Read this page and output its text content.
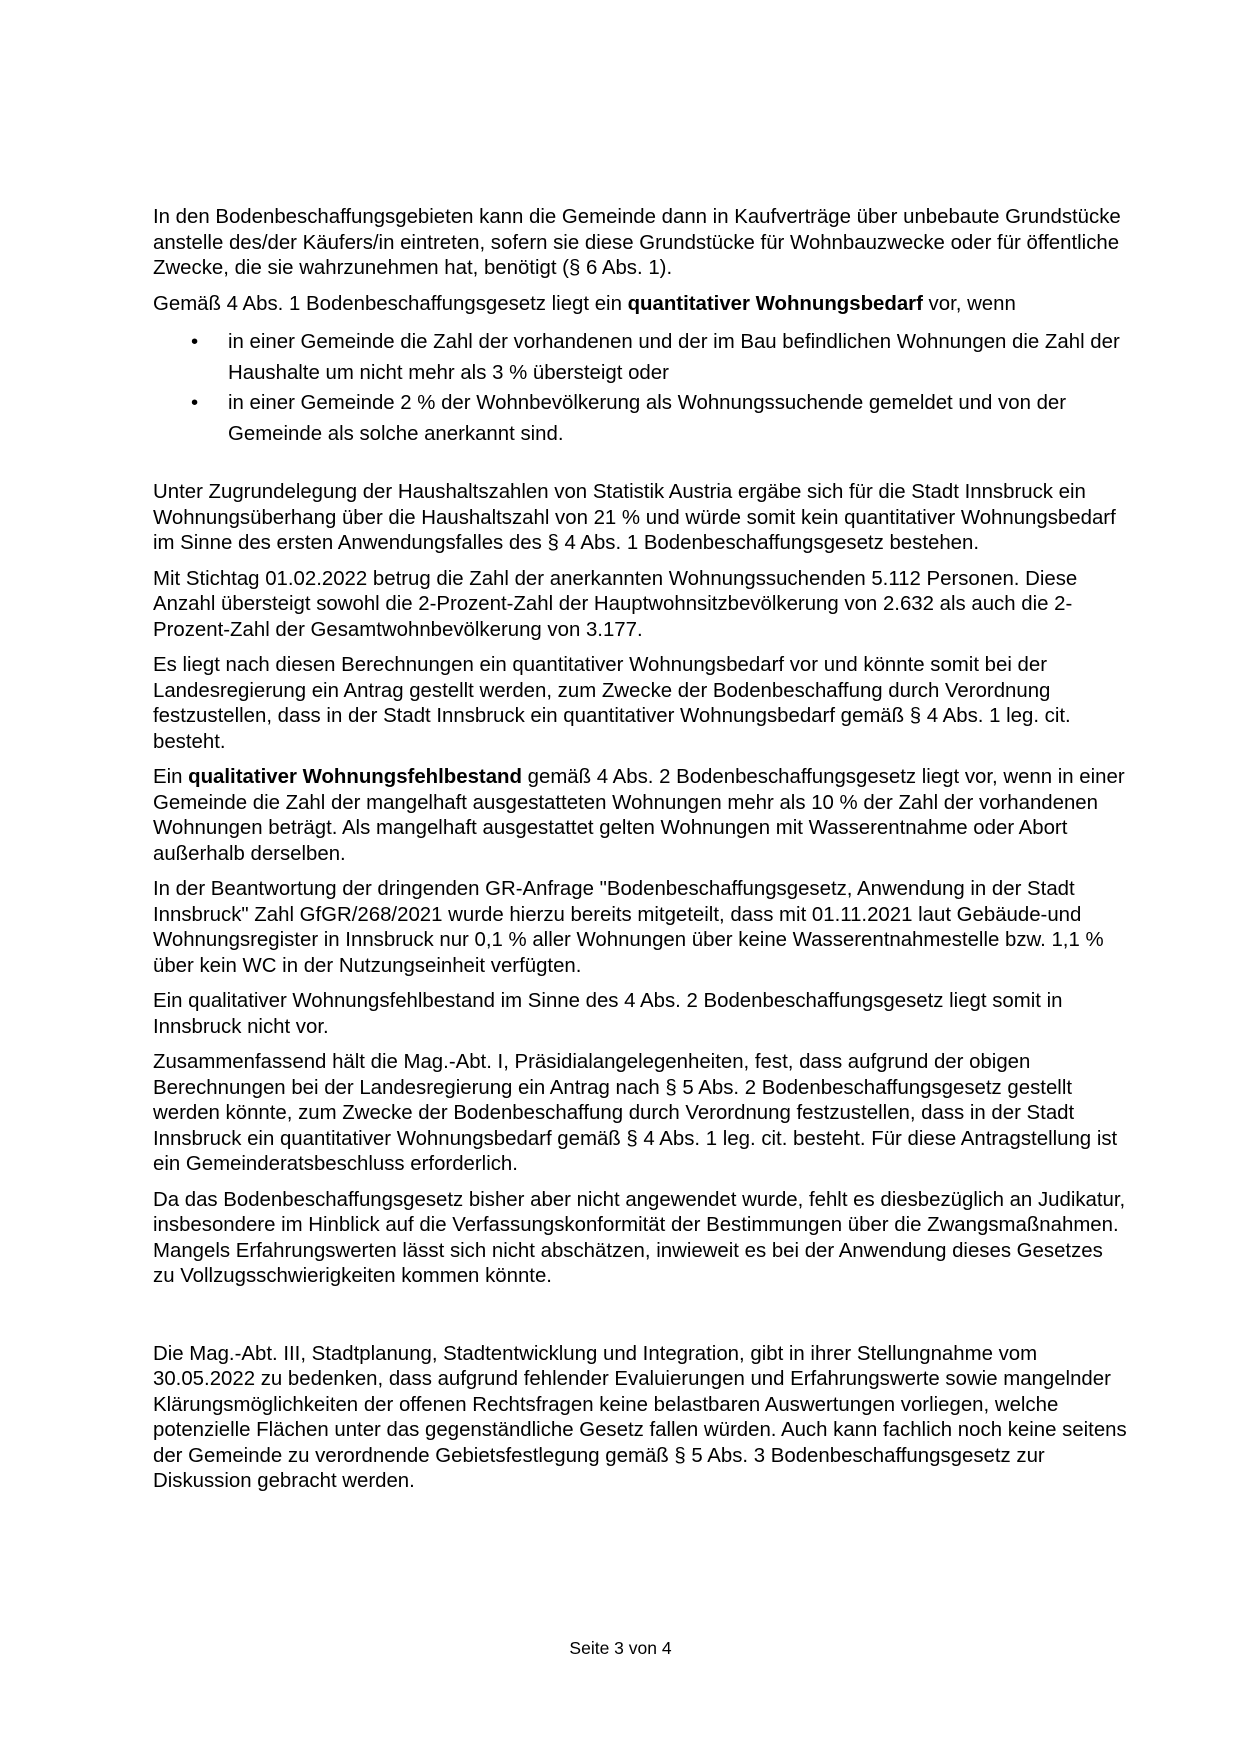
In den Bodenbeschaffungsgebieten kann die Gemeinde dann in Kaufverträge über unbebaute Grundstücke anstelle des/der Käufers/in eintreten, sofern sie diese Grundstücke für Wohnbauzwecke oder für öffentliche Zwecke, die sie wahrzunehmen hat, benötigt (§ 6 Abs. 1).

Gemäß 4 Abs. 1 Bodenbeschaffungsgesetz liegt ein quantitativer Wohnungsbedarf vor, wenn

• in einer Gemeinde die Zahl der vorhandenen und der im Bau befindlichen Wohnungen die Zahl der Haushalte um nicht mehr als 3 % übersteigt oder
• in einer Gemeinde 2 % der Wohnbevölkerung als Wohnungssuchende gemeldet und von der Gemeinde als solche anerkannt sind.

Unter Zugrundelegung der Haushaltszahlen von Statistik Austria ergäbe sich für die Stadt Innsbruck ein Wohnungsüberhang über die Haushaltszahl von 21 % und würde somit kein quantitativer Wohnungsbedarf im Sinne des ersten Anwendungsfalles des § 4 Abs. 1 Bodenbeschaffungsgesetz bestehen.

Mit Stichtag 01.02.2022 betrug die Zahl der anerkannten Wohnungssuchenden 5.112 Personen. Diese Anzahl übersteigt sowohl die 2-Prozent-Zahl der Hauptwohnsitzbevölkerung von 2.632 als auch die 2-Prozent-Zahl der Gesamtwohnbevölkerung von 3.177.

Es liegt nach diesen Berechnungen ein quantitativer Wohnungsbedarf vor und könnte somit bei der Landesregierung ein Antrag gestellt werden, zum Zwecke der Bodenbeschaffung durch Verordnung festzustellen, dass in der Stadt Innsbruck ein quantitativer Wohnungsbedarf gemäß § 4 Abs. 1 leg. cit. besteht.

Ein qualitativer Wohnungsfehlbestand gemäß 4 Abs. 2 Bodenbeschaffungsgesetz liegt vor, wenn in einer Gemeinde die Zahl der mangelhaft ausgestatteten Wohnungen mehr als 10 % der Zahl der vorhandenen Wohnungen beträgt. Als mangelhaft ausgestattet gelten Wohnungen mit Wasserentnahme oder Abort außerhalb derselben.

In der Beantwortung der dringenden GR-Anfrage "Bodenbeschaffungsgesetz, Anwendung in der Stadt Innsbruck" Zahl GfGR/268/2021 wurde hierzu bereits mitgeteilt, dass mit 01.11.2021 laut Gebäude-und Wohnungsregister in Innsbruck nur 0,1 % aller Wohnungen über keine Wasserentnahmestelle bzw. 1,1 % über kein WC in der Nutzungseinheit verfügten.

Ein qualitativer Wohnungsfehlbestand im Sinne des 4 Abs. 2 Bodenbeschaffungsgesetz liegt somit in Innsbruck nicht vor.

Zusammenfassend hält die Mag.-Abt. I, Präsidialangelegenheiten, fest, dass aufgrund der obigen Berechnungen bei der Landesregierung ein Antrag nach § 5 Abs. 2 Bodenbeschaffungsgesetz gestellt werden könnte, zum Zwecke der Bodenbeschaffung durch Verordnung festzustellen, dass in der Stadt Innsbruck ein quantitativer Wohnungsbedarf gemäß § 4 Abs. 1 leg. cit. besteht. Für diese Antragstellung ist ein Gemeinderatsbeschluss erforderlich.

Da das Bodenbeschaffungsgesetz bisher aber nicht angewendet wurde, fehlt es diesbezüglich an Judikatur, insbesondere im Hinblick auf die Verfassungskonformität der Bestimmungen über die Zwangsmaßnahmen. Mangels Erfahrungswerten lässt sich nicht abschätzen, inwieweit es bei der Anwendung dieses Gesetzes zu Vollzugsschwierigkeiten kommen könnte.

Die Mag.-Abt. III, Stadtplanung, Stadtentwicklung und Integration, gibt in ihrer Stellungnahme vom 30.05.2022 zu bedenken, dass aufgrund fehlender Evaluierungen und Erfahrungswerte sowie mangelnder Klärungsmöglichkeiten der offenen Rechtsfragen keine belastbaren Auswertungen vorliegen, welche potenzielle Flächen unter das gegenständliche Gesetz fallen würden. Auch kann fachlich noch keine seitens der Gemeinde zu verordnende Gebietsfestlegung gemäß § 5 Abs. 3 Bodenbeschaffungsgesetz zur Diskussion gebracht werden.

Seite 3 von 4
